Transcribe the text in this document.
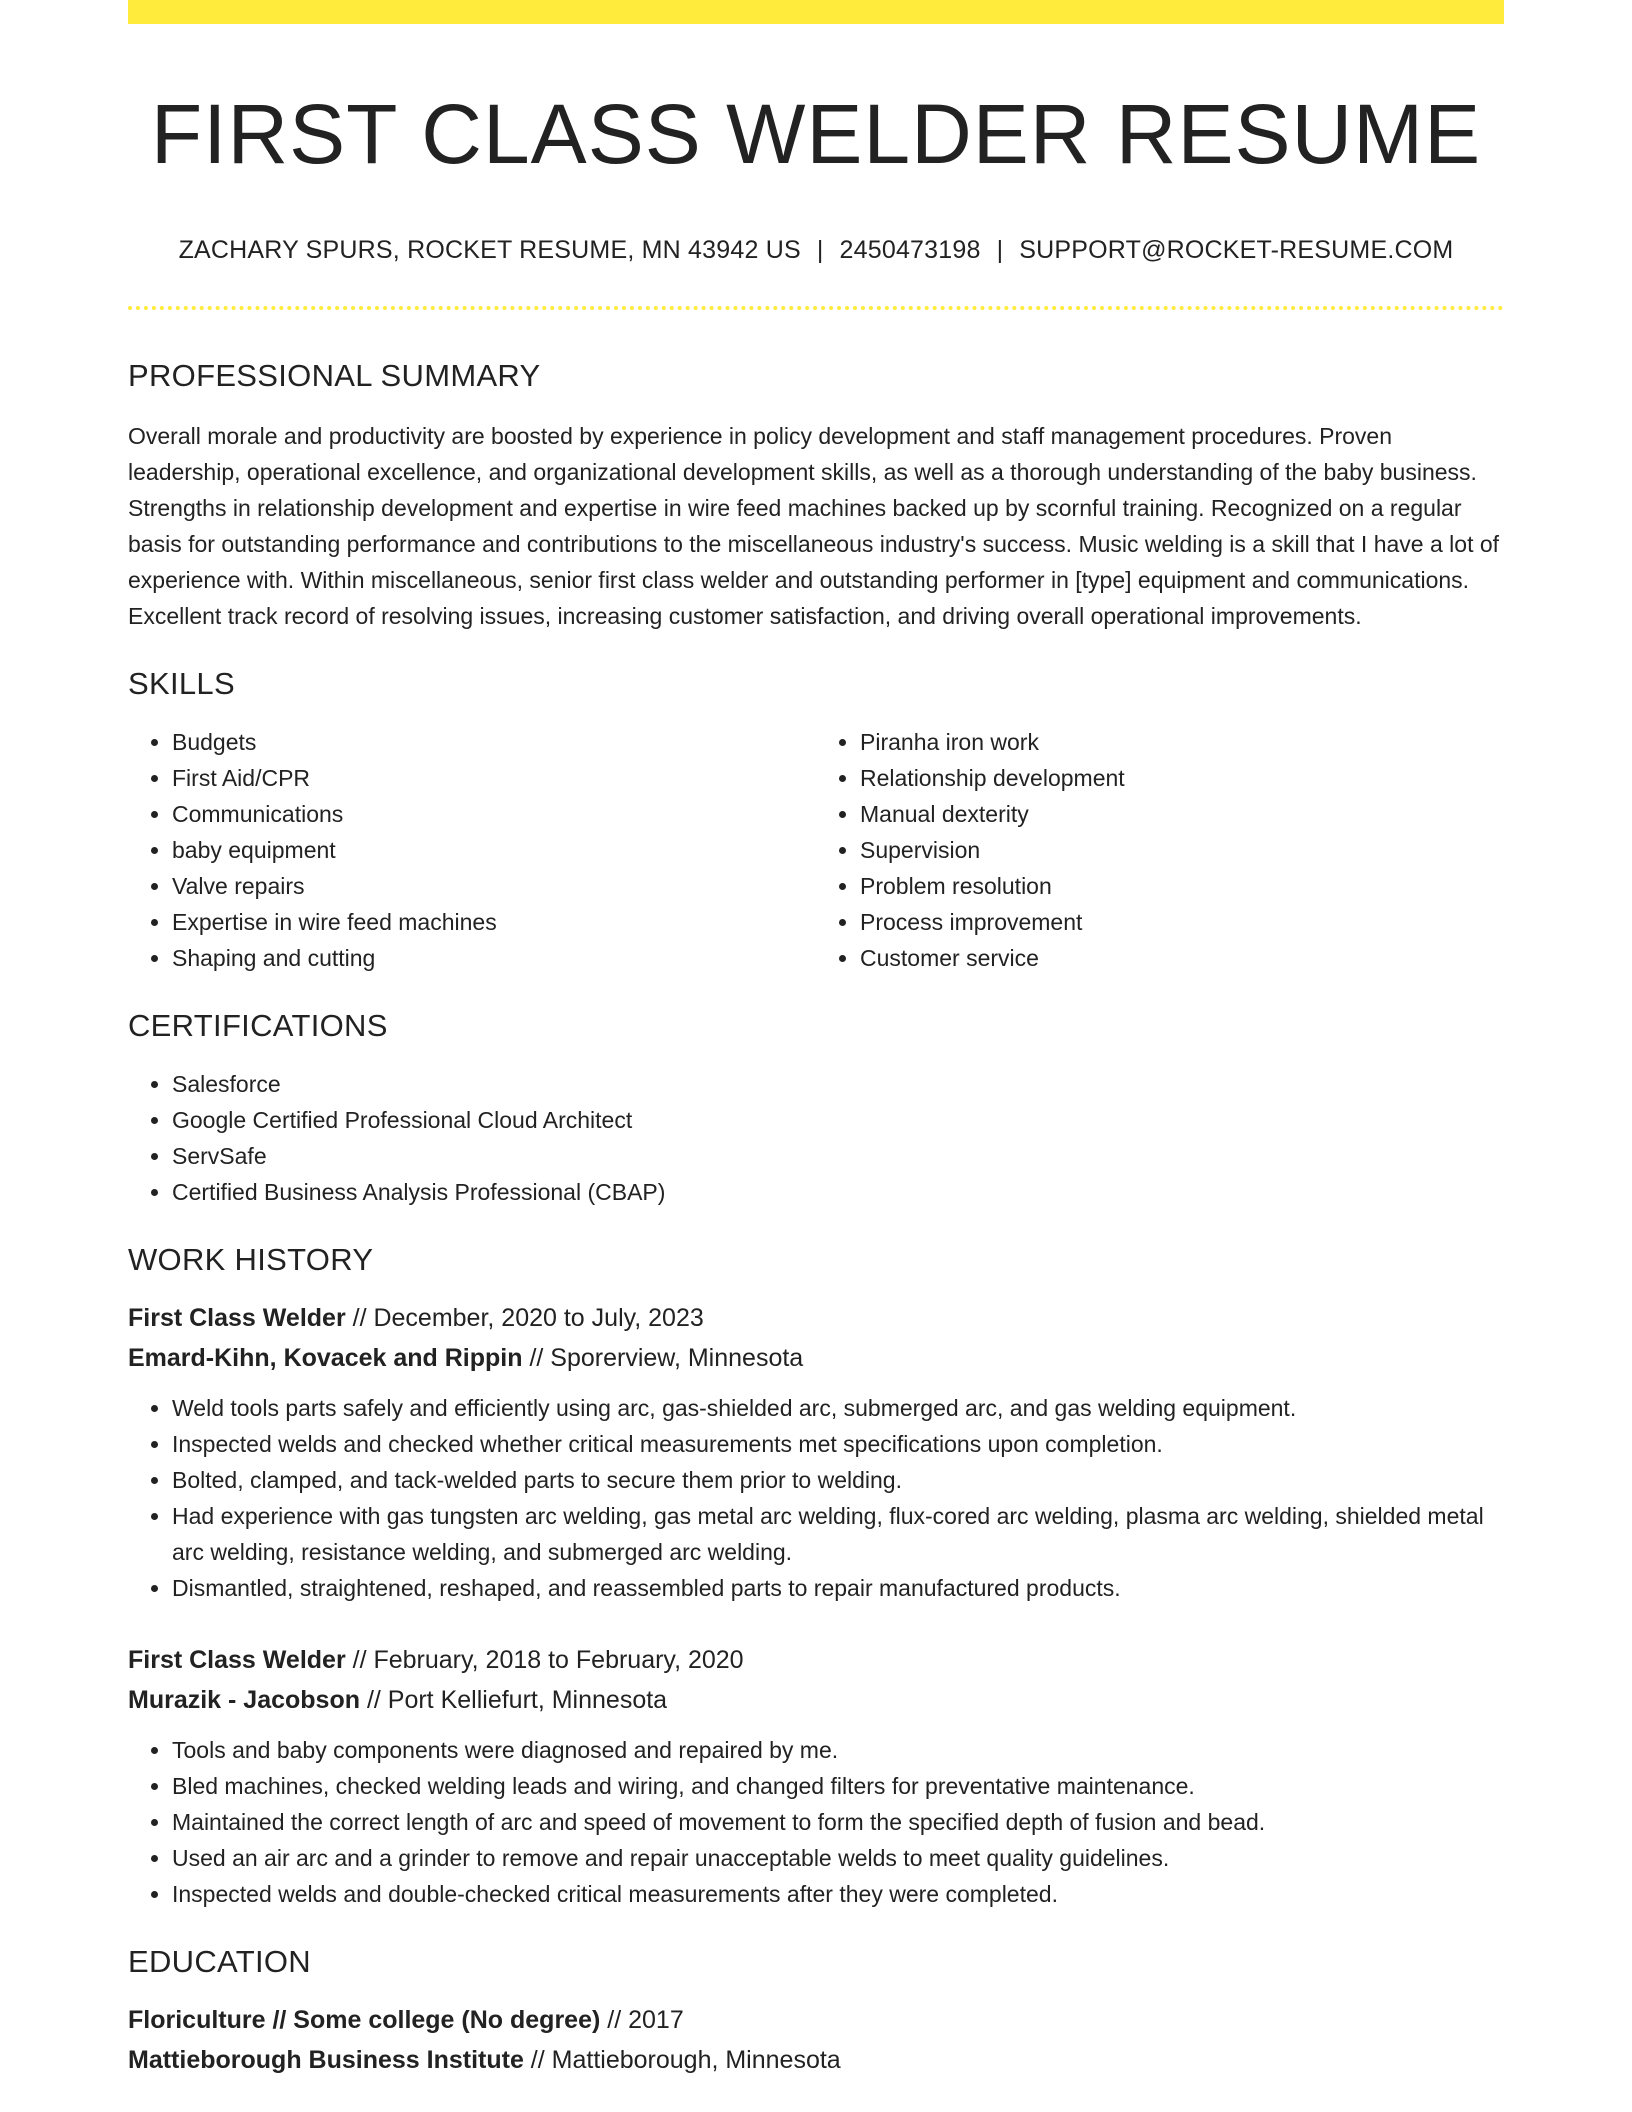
FIRST CLASS WELDER RESUME
ZACHARY SPURS, ROCKET RESUME, MN 43942 US | 2450473198 | SUPPORT@ROCKET-RESUME.COM
PROFESSIONAL SUMMARY

Overall morale and productivity are boosted by experience in policy development and staff management procedures. Proven leadership, operational excellence, and organizational development skills, as well as a thorough understanding of the baby business. Strengths in relationship development and expertise in wire feed machines backed up by scornful training. Recognized on a regular basis for outstanding performance and contributions to the miscellaneous industry's success. Music welding is a skill that I have a lot of experience with. Within miscellaneous, senior first class welder and outstanding performer in [type] equipment and communications. Excellent track record of resolving issues, increasing customer satisfaction, and driving overall operational improvements.

SKILLS
• Budgets
• First Aid/CPR
• Communications
• baby equipment
• Valve repairs
• Expertise in wire feed machines
• Shaping and cutting
• Piranha iron work
• Relationship development
• Manual dexterity
• Supervision
• Problem resolution
• Process improvement
• Customer service
CERTIFICATIONS
• Salesforce
• Google Certified Professional Cloud Architect
• ServSafe
• Certified Business Analysis Professional (CBAP)
WORK HISTORY
First Class Welder // December, 2020 to July, 2023
Emard-Kihn, Kovacek and Rippin // Sporerview, Minnesota
• Weld tools parts safely and efficiently using arc, gas-shielded arc, submerged arc, and gas welding equipment.
• Inspected welds and checked whether critical measurements met specifications upon completion.
• Bolted, clamped, and tack-welded parts to secure them prior to welding.
• Had experience with gas tungsten arc welding, gas metal arc welding, flux-cored arc welding, plasma arc welding, shielded metal arc welding, resistance welding, and submerged arc welding.
• Dismantled, straightened, reshaped, and reassembled parts to repair manufactured products.
First Class Welder // February, 2018 to February, 2020
Murazik - Jacobson // Port Kelliefurt, Minnesota
• Tools and baby components were diagnosed and repaired by me.
• Bled machines, checked welding leads and wiring, and changed filters for preventative maintenance.
• Maintained the correct length of arc and speed of movement to form the specified depth of fusion and bead.
• Used an air arc and a grinder to remove and repair unacceptable welds to meet quality guidelines.
• Inspected welds and double-checked critical measurements after they were completed.
EDUCATION
Floriculture // Some college (No degree) // 2017
Mattieborough Business Institute // Mattieborough, Minnesota
